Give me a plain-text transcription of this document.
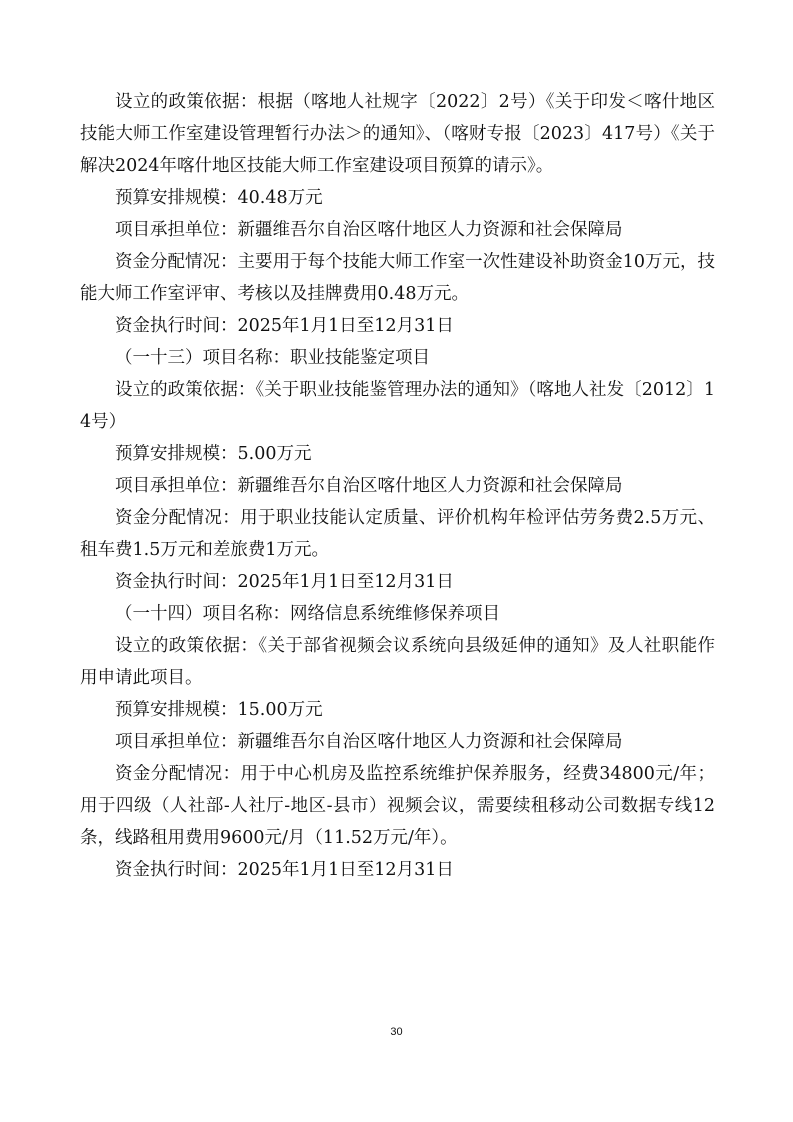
设立的政策依据：根据（喀地人社规字〔2022〕2号）《关于印发＜喀什地区技能大师工作室建设管理暂行办法＞的通知》、（喀财专报〔2023〕417号）《关于解决2024年喀什地区技能大师工作室建设项目预算的请示》。

预算安排规模：40.48万元

项目承担单位：新疆维吾尔自治区喀什地区人力资源和社会保障局

资金分配情况：主要用于每个技能大师工作室一次性建设补助资金10万元，技能大师工作室评审、考核以及挂牌费用0.48万元。

资金执行时间：2025年1月1日至12月31日

（一十三）项目名称：职业技能鉴定项目

设立的政策依据：《关于职业技能鉴管理办法的通知》（喀地人社发〔2012〕14号）

预算安排规模：5.00万元

项目承担单位：新疆维吾尔自治区喀什地区人力资源和社会保障局

资金分配情况：用于职业技能认定质量、评价机构年检评估劳务费2.5万元、租车费1.5万元和差旅费1万元。

资金执行时间：2025年1月1日至12月31日

（一十四）项目名称：网络信息系统维修保养项目

设立的政策依据：《关于部省视频会议系统向县级延伸的通知》及人社职能作用申请此项目。

预算安排规模：15.00万元

项目承担单位：新疆维吾尔自治区喀什地区人力资源和社会保障局

资金分配情况：用于中心机房及监控系统维护保养服务，经费34800元/年；用于四级（人社部-人社厅-地区-县市）视频会议，需要续租移动公司数据专线12条，线路租用费用9600元/月（11.52万元/年）。

资金执行时间：2025年1月1日至12月31日

30
